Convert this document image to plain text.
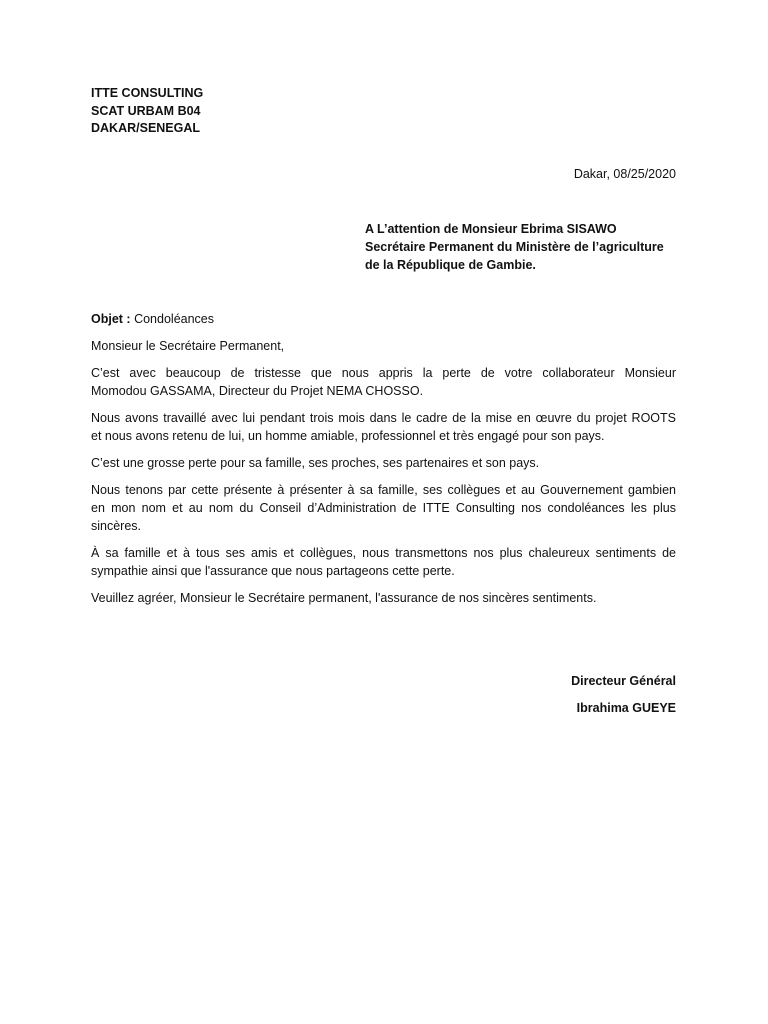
ITTE CONSULTING
SCAT URBAM B04
DAKAR/SENEGAL
Dakar, 08/25/2020
A L’attention de Monsieur Ebrima SISAWO
Secrétaire Permanent du Ministère de l’agriculture
de la République de Gambie.
Objet : Condoléances
Monsieur le Secrétaire Permanent,
C’est avec beaucoup de tristesse que nous appris la perte de votre collaborateur Monsieur
Momodou GASSAMA, Directeur du Projet NEMA CHOSSO.
Nous avons travaillé avec lui pendant trois mois dans le cadre de la mise en œuvre du projet ROOTS
et nous avons retenu de lui, un homme amiable, professionnel et très engagé pour son pays.
C’est une grosse perte pour sa famille, ses proches, ses partenaires et son pays.
Nous tenons par cette présente à présenter à sa famille, ses collègues et au Gouvernement gambien
en mon nom et au nom du Conseil d’Administration de ITTE Consulting nos condoléances les plus
sincères.
À sa famille et à tous ses amis et collègues, nous transmettons nos plus chaleureux sentiments de
sympathie ainsi que l'assurance que nous partageons cette perte.
Veuillez agréer, Monsieur le Secrétaire permanent, l'assurance de nos sincères sentiments.
Directeur Général
Ibrahima GUEYE
